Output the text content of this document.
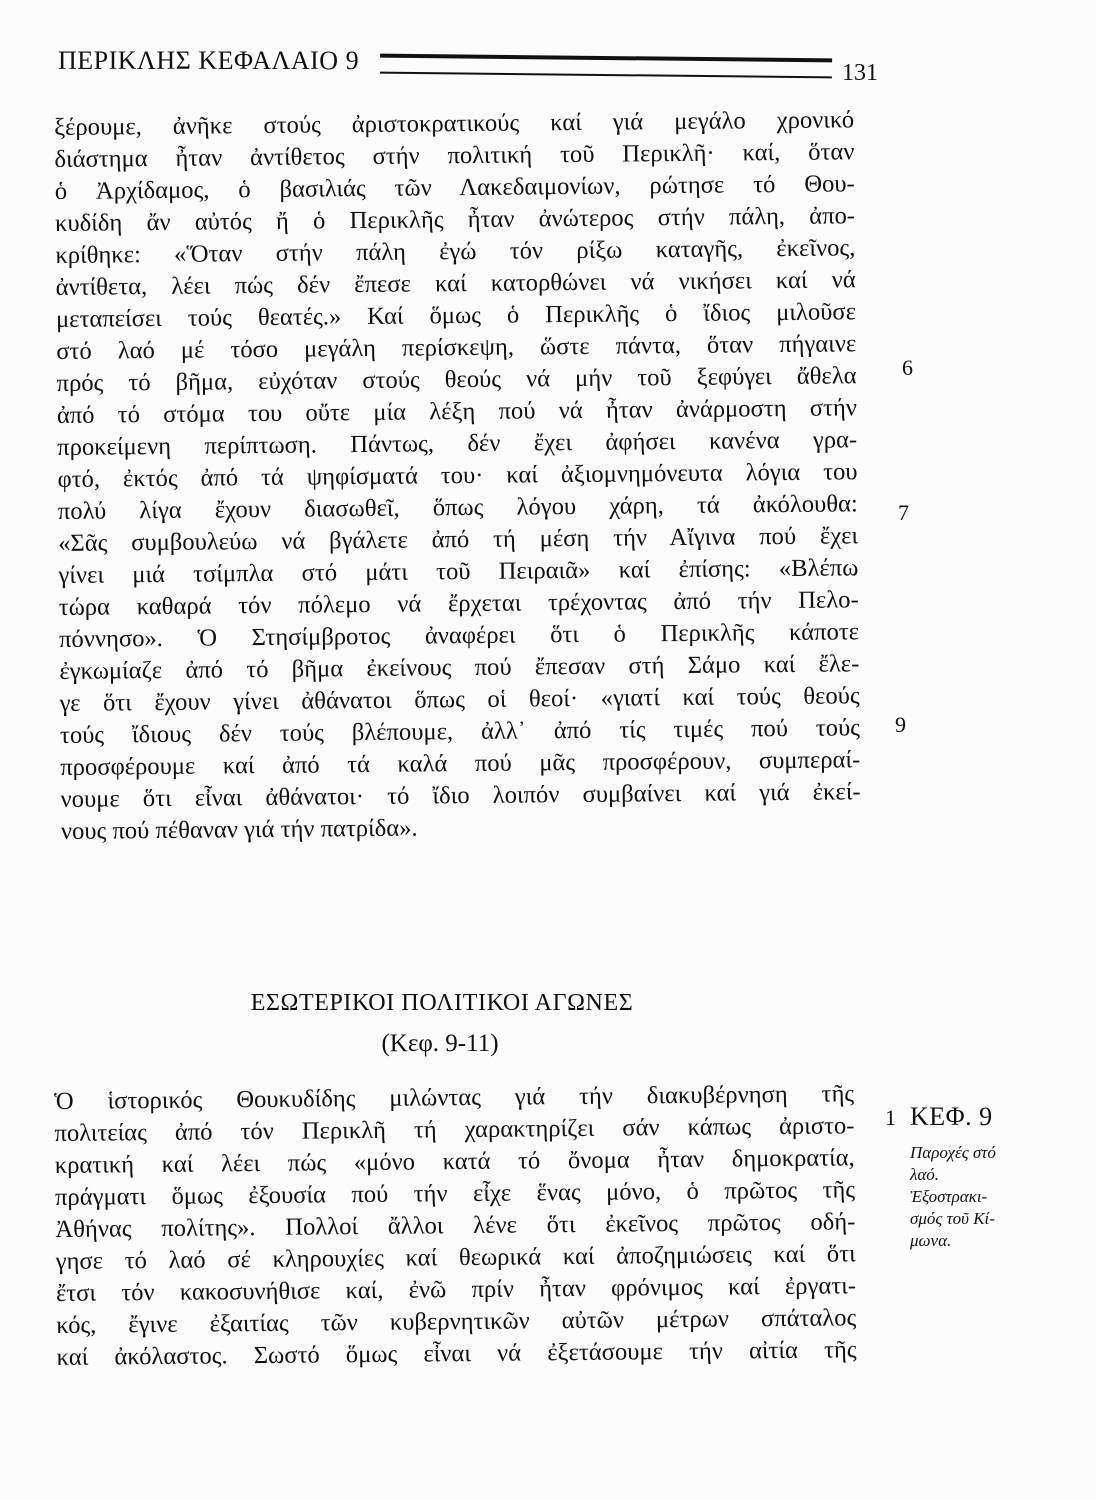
ΠΕΡΙΚΛΗΣ ΚΕΦΑΛΑΙΟ 9	131
ξέρουμε, ἀνῆκε στούς ἀριστοκρατικούς καί γιά μεγάλο χρονικό
διάστημα ἦταν ἀντίθετος στήν πολιτική τοῦ Περικλῆ· καί, ὅταν
ὁ Ἀρχίδαμος, ὁ βασιλιάς τῶν Λακεδαιμονίων, ρώτησε τό Θου-
κυδίδη ἄν αὐτός ἤ ὁ Περικλῆς ἦταν ἀνώτερος στήν πάλη, ἀπο-
κρίθηκε: «Ὅταν στήν πάλη ἐγώ τόν ρίξω καταγῆς, ἐκεῖνος,
ἀντίθετα, λέει πώς δέν ἔπεσε καί κατορθώνει νά νικήσει καί νά
μεταπείσει τούς θεατές.» Καί ὅμως ὁ Περικλῆς ὁ ἴδιος μιλοῦσε
στό λαό μέ τόσο μεγάλη περίσκεψη, ὥστε πάντα, ὅταν πήγαινε
πρός τό βῆμα, εὐχόταν στούς θεούς νά μήν τοῦ ξεφύγει ἄθελα
ἀπό τό στόμα του οὔτε μία λέξη πού νά ἦταν ἀνάρμοστη στήν
προκείμενη περίπτωση. Πάντως, δέν ἔχει ἀφήσει κανένα γρα-
φτό, ἐκτός ἀπό τά ψηφίσματά του· καί ἀξιομνημόνευτα λόγια του
πολύ λίγα ἔχουν διασωθεῖ, ὅπως λόγου χάρη, τά ἀκόλουθα:
«Σᾶς συμβουλεύω νά βγάλετε ἀπό τή μέση τήν Αἴγινα πού ἔχει
γίνει μιά τσίμπλα στό μάτι τοῦ Πειραιᾶ» καί ἐπίσης: «Βλέπω
τώρα καθαρά τόν πόλεμο νά ἔρχεται τρέχοντας ἀπό τήν Πελο-
πόννησο». Ὁ Στησίμβροτος ἀναφέρει ὅτι ὁ Περικλῆς κάποτε
ἐγκωμίαζε ἀπό τό βῆμα ἐκείνους πού ἔπεσαν στή Σάμο καί ἔλε-
γε ὅτι ἔχουν γίνει ἀθάνατοι ὅπως οἱ θεοί· «γιατί καί τούς θεούς
τούς ἴδιους δέν τούς βλέπουμε, ἀλλ᾽ ἀπό τίς τιμές πού τούς
προσφέρουμε καί ἀπό τά καλά πού μᾶς προσφέρουν, συμπεραί-
νουμε ὅτι εἶναι ἀθάνατοι· τό ἴδιο λοιπόν συμβαίνει καί γιά ἐκεί-
νους πού πέθαναν γιά τήν πατρίδα».
6
7
9
1
ΕΣΩΤΕΡΙΚΟΙ ΠΟΛΙΤΙΚΟΙ ΑΓΩΝΕΣ
(Κεφ. 9-11)
Ὁ ἱστορικός Θουκυδίδης μιλώντας γιά τήν διακυβέρνηση τῆς
πολιτείας ἀπό τόν Περικλῆ τή χαρακτηρίζει σάν κάπως ἀριστο-
κρατική καί λέει πώς «μόνο κατά τό ὄνομα ἦταν δημοκρατία,
πράγματι ὅμως ἐξουσία πού τήν εἶχε ἕνας μόνο, ὁ πρῶτος τῆς
Ἀθήνας πολίτης». Πολλοί ἄλλοι λένε ὅτι ἐκεῖνος πρῶτος οδή-
γησε τό λαό σέ κληρουχίες καί θεωρικά καί ἀποζημιώσεις καί ὅτι
ἔτσι τόν κακοσυνήθισε καί, ἐνῶ πρίν ἦταν φρόνιμος καί ἐργατι-
κός, ἔγινε ἐξαιτίας τῶν κυβερνητικῶν αὐτῶν μέτρων σπάταλος
καί ἀκόλαστος. Σωστό ὅμως εἶναι νά ἐξετάσουμε τήν αἰτία τῆς
ΚΕΦ. 9
Παροχές στό
λαό.
Ἐξοστρακι-
σμός τοῦ Κί-
μωνα.
